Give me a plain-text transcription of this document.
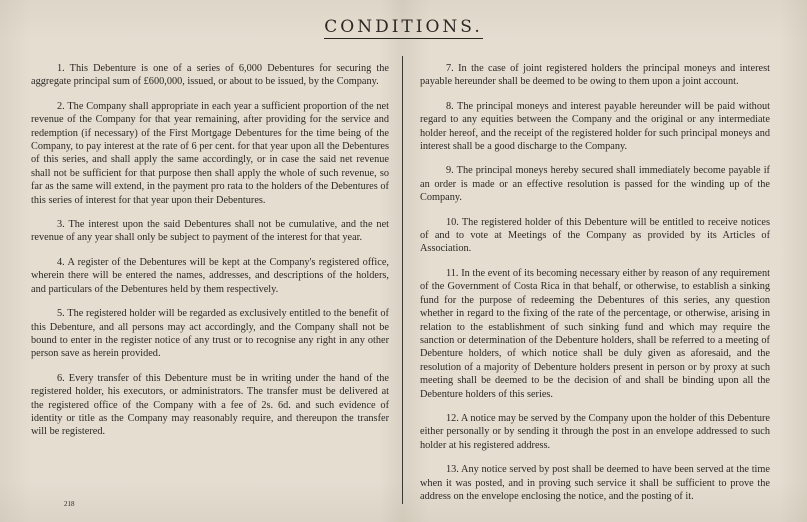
CONDITIONS.

1. This Debenture is one of a series of 6,000 Debentures for securing the aggregate principal sum of £600,000, issued, or about to be issued, by the Company.

2. The Company shall appropriate in each year a sufficient proportion of the net revenue of the Company for that year remaining, after providing for the service and redemption (if necessary) of the First Mortgage Debentures for the time being of the Company, to pay interest at the rate of 6 per cent. for that year upon all the Debentures of this series, and shall apply the same accordingly, or in case the said net revenue shall not be sufficient for that purpose then shall apply the whole of such revenue, so far as the same will extend, in the payment pro rata to the holders of the Debentures of this series of interest for that year upon their Debentures.

3. The interest upon the said Debentures shall not be cumulative, and the net revenue of any year shall only be subject to payment of the interest for that year.

4. A register of the Debentures will be kept at the Company's registered office, wherein there will be entered the names, addresses, and descriptions of the holders, and particulars of the Debentures held by them respectively.

5. The registered holder will be regarded as exclusively entitled to the benefit of this Debenture, and all persons may act accordingly, and the Company shall not be bound to enter in the register notice of any trust or to recognise any right in any other person save as herein provided.

6. Every transfer of this Debenture must be in writing under the hand of the registered holder, his executors, or administrators. The transfer must be delivered at the registered office of the Company with a fee of 2s. 6d. and such evidence of identity or title as the Company may reasonably require, and thereupon the transfer will be registered.

7. In the case of joint registered holders the principal moneys and interest payable hereunder shall be deemed to be owing to them upon a joint account.

8. The principal moneys and interest payable hereunder will be paid without regard to any equities between the Company and the original or any intermediate holder hereof, and the receipt of the registered holder for such principal moneys and interest shall be a good discharge to the Company.

9. The principal moneys hereby secured shall immediately become payable if an order is made or an effective resolution is passed for the winding up of the Company.

10. The registered holder of this Debenture will be entitled to receive notices of and to vote at Meetings of the Company as provided by its Articles of Association.

11. In the event of its becoming necessary either by reason of any requirement of the Government of Costa Rica in that behalf, or otherwise, to establish a sinking fund for the purpose of redeeming the Debentures of this series, any question whether in regard to the fixing of the rate of the percentage, or otherwise, arising in relation to the establishment of such sinking fund and which may require the sanction or determination of the Debenture holders, shall be referred to a meeting of Debenture holders, of which notice shall be duly given as aforesaid, and the resolution of a majority of Debenture holders present in person or by proxy at such meeting shall be deemed to be the decision of and shall be binding upon all the Debenture holders of this series.

12. A notice may be served by the Company upon the holder of this Debenture either personally or by sending it through the post in an envelope addressed to such holder at his registered address.

13. Any notice served by post shall be deemed to have been served at the time when it was posted, and in proving such service it shall be sufficient to prove the address on the envelope enclosing the notice, and the posting of it.

218
